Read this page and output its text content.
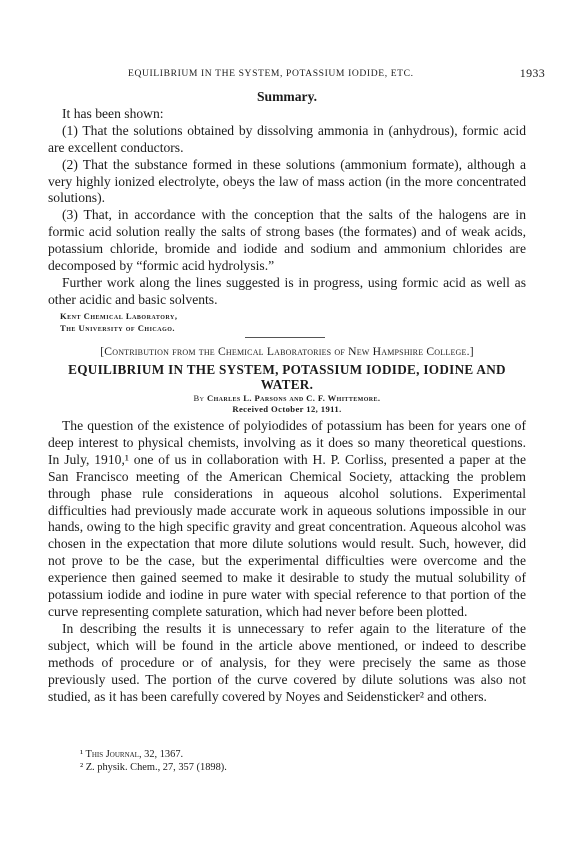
EQUILIBRIUM IN THE SYSTEM, POTASSIUM IODIDE, ETC.	1933
Summary.

It has been shown:

(1) That the solutions obtained by dissolving ammonia in (anhydrous), formic acid are excellent conductors.

(2) That the substance formed in these solutions (ammonium formate), although a very highly ionized electrolyte, obeys the law of mass action (in the more concentrated solutions).

(3) That, in accordance with the conception that the salts of the halogens are in formic acid solution really the salts of strong bases (the formates) and of weak acids, potassium chloride, bromide and iodide and sodium and ammonium chlorides are decomposed by “formic acid hydrolysis.”

Further work along the lines suggested is in progress, using formic acid as well as other acidic and basic solvents.

Kent Chemical Laboratory,
The University of Chicago.
[Contribution from the Chemical Laboratories of New Hampshire College.]
EQUILIBRIUM IN THE SYSTEM, POTASSIUM IODIDE, IODINE AND
WATER.
By Charles L. Parsons and C. F. Whittemore.
Received October 12, 1911.

The question of the existence of polyiodides of potassium has been for years one of deep interest to physical chemists, involving as it does so many theoretical questions. In July, 1910,¹ one of us in collaboration with H. P. Corliss, presented a paper at the San Francisco meeting of the American Chemical Society, attacking the problem through phase rule considerations in aqueous alcohol solutions. Experimental difficulties had previously made accurate work in aqueous solutions impossible in our hands, owing to the high specific gravity and great concentration. Aqueous alcohol was chosen in the expectation that more dilute solutions would result. Such, however, did not prove to be the case, but the experimental difficulties were overcome and the experience then gained seemed to make it desirable to study the mutual solubility of potassium iodide and iodine in pure water with special reference to that portion of the curve representing complete saturation, which had never before been plotted.

In describing the results it is unnecessary to refer again to the literature of the subject, which will be found in the article above mentioned, or indeed to describe methods of procedure or of analysis, for they were precisely the same as those previously used. The portion of the curve covered by dilute solutions was also not studied, as it has been carefully covered by Noyes and Seidensticker² and others.

¹ This Journal, 32, 1367.
² Z. physik. Chem., 27, 357 (1898).
